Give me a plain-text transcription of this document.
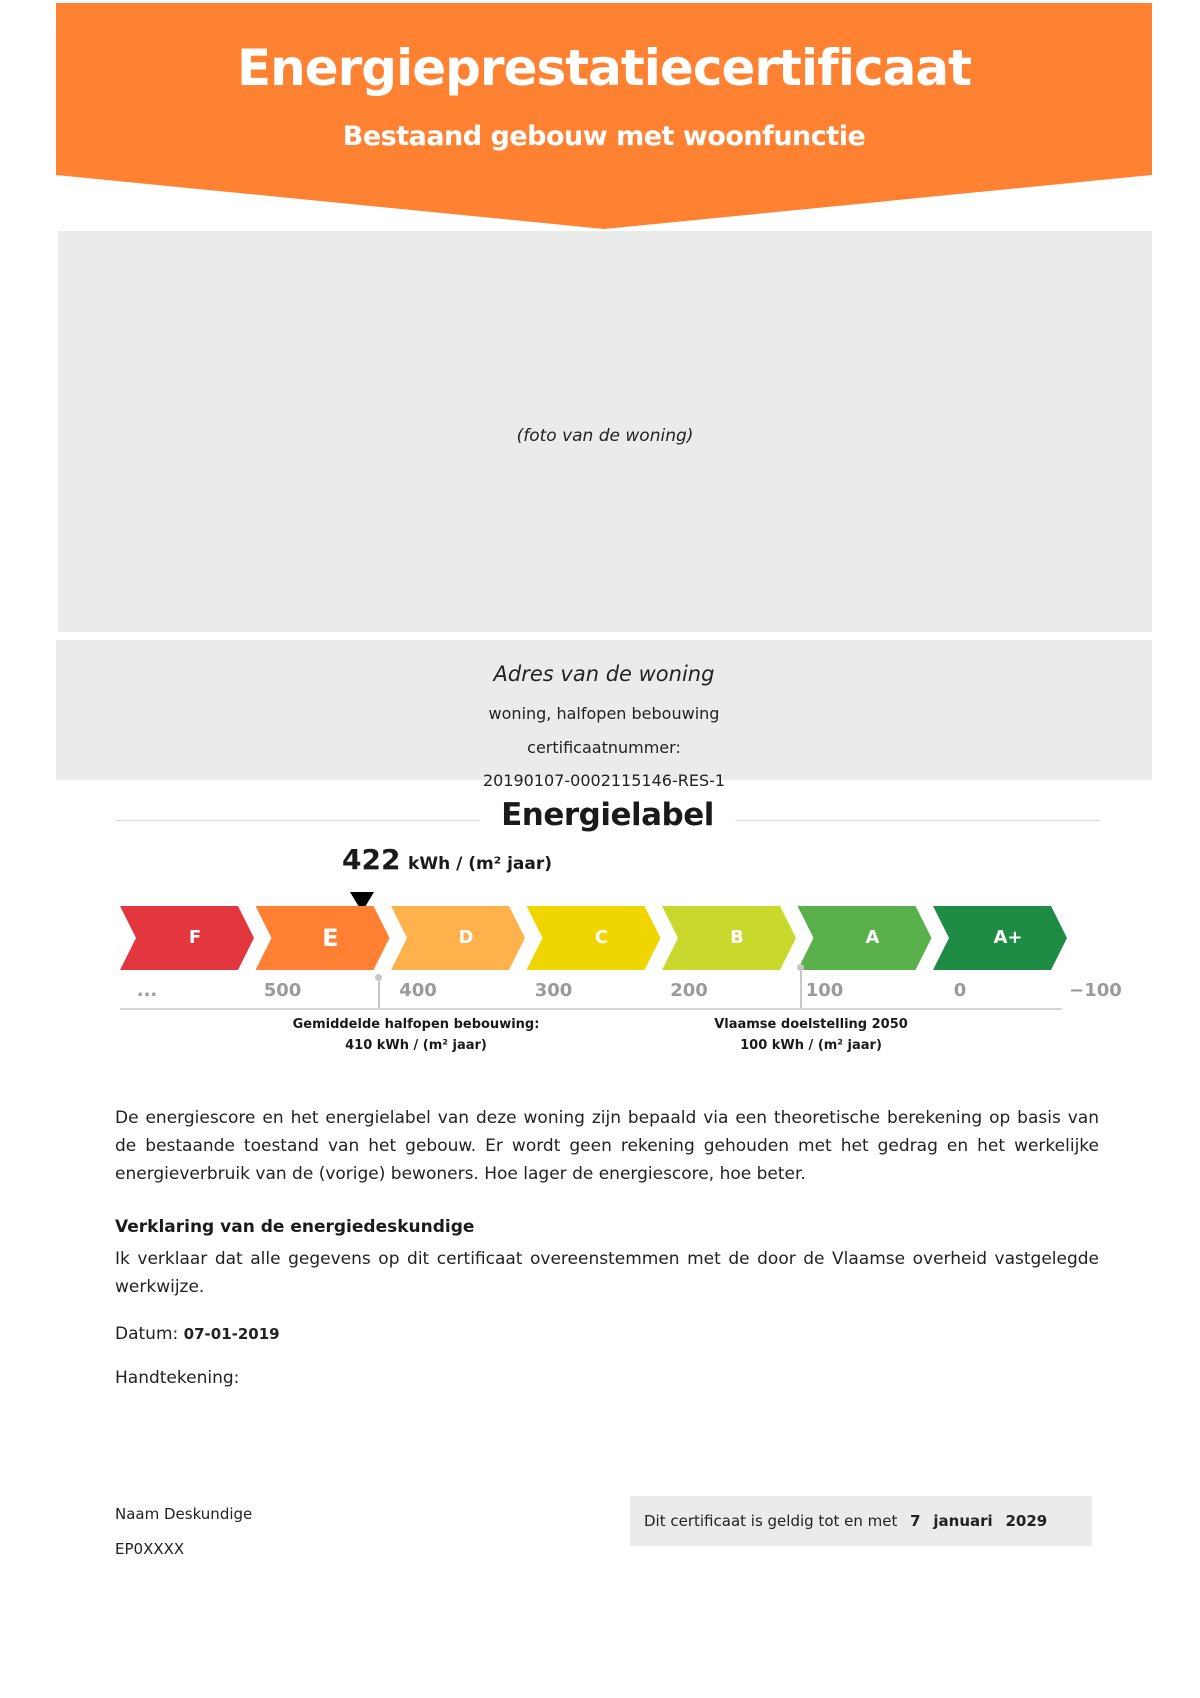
Energieprestatiecertificaat
Bestaand gebouw met woonfunctie
(foto van de woning)
Adres van de woning
woning, halfopen bebouwing
certificaatnummer:
20190107-0002115146-RES-1
Energielabel
422 kWh / (m² jaar)
F	E	D	C	B	A	A+
...	500	400	300	200	100	0	−100
Gemiddelde halfopen bebouwing:
410 kWh / (m² jaar)
Vlaamse doelstelling 2050
100 kWh / (m² jaar)
De energiescore en het energielabel van deze woning zijn bepaald via een theoretische berekening op basis van de bestaande toestand van het gebouw. Er wordt geen rekening gehouden met het gedrag en het werkelijke energieverbruik van de (vorige) bewoners. Hoe lager de energiescore, hoe beter.
Verklaring van de energiedeskundige
Ik verklaar dat alle gegevens op dit certificaat overeenstemmen met de door de Vlaamse overheid vastgelegde werkwijze.
Datum: 07-01-2019
Handtekening:
Naam Deskundige
EP0XXXX
Dit certificaat is geldig tot en met 7 januari 2029
